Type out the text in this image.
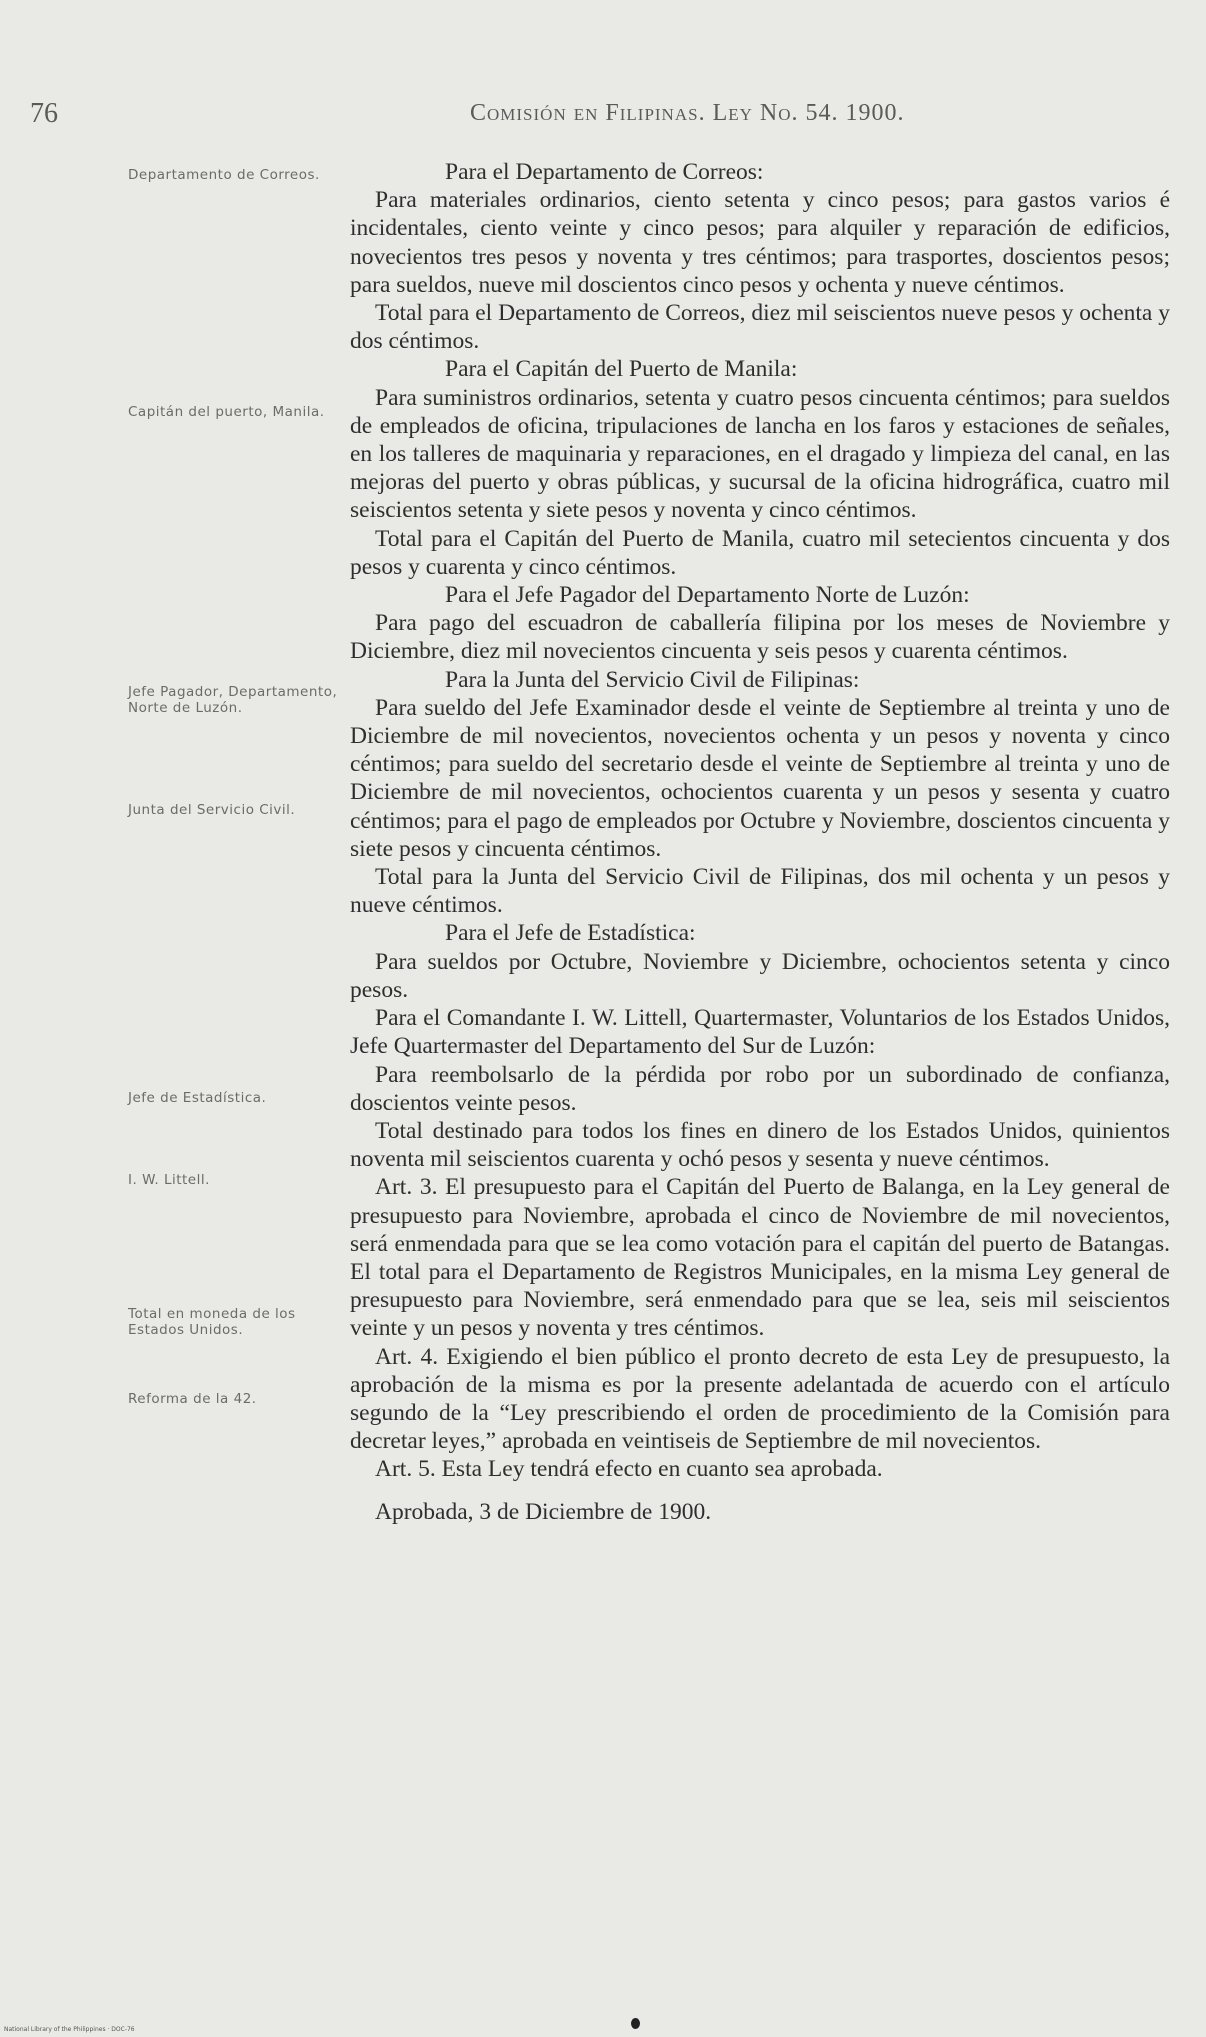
76	Comisión en Filipinas. Ley No. 54. 1900.
Departamento de Correos.
Capitán del puerto, Manila.
Jefe Pagador, Departamento, Norte de Luzón.
Junta del Servicio Civil.
Jefe de Estadística.
I. W. Littell.
Total en moneda de los Estados Unidos.
Reforma de la 42.

Para el Departamento de Correos:

Para materiales ordinarios, ciento setenta y cinco pesos; para gastos varios é incidentales, ciento veinte y cinco pesos; para alquiler y reparación de edificios, novecientos tres pesos y noventa y tres céntimos; para trasportes, doscientos pesos; para sueldos, nueve mil doscientos cinco pesos y ochenta y nueve céntimos.

Total para el Departamento de Correos, diez mil seiscientos nueve pesos y ochenta y dos céntimos.

Para el Capitán del Puerto de Manila:

Para suministros ordinarios, setenta y cuatro pesos cincuenta céntimos; para sueldos de empleados de oficina, tripulaciones de lancha en los faros y estaciones de señales, en los talleres de maquinaria y reparaciones, en el dragado y limpieza del canal, en las mejoras del puerto y obras públicas, y sucursal de la oficina hidrográfica, cuatro mil seiscientos setenta y siete pesos y noventa y cinco céntimos.

Total para el Capitán del Puerto de Manila, cuatro mil setecientos cincuenta y dos pesos y cuarenta y cinco céntimos.

Para el Jefe Pagador del Departamento Norte de Luzón:

Para pago del escuadron de caballería filipina por los meses de Noviembre y Diciembre, diez mil novecientos cincuenta y seis pesos y cuarenta céntimos.

Para la Junta del Servicio Civil de Filipinas:

Para sueldo del Jefe Examinador desde el veinte de Septiembre al treinta y uno de Diciembre de mil novecientos, novecientos ochenta y un pesos y noventa y cinco céntimos; para sueldo del secretario desde el veinte de Septiembre al treinta y uno de Diciembre de mil novecientos, ochocientos cuarenta y un pesos y sesenta y cuatro céntimos; para el pago de empleados por Octubre y Noviembre, doscientos cincuenta y siete pesos y cincuenta céntimos.

Total para la Junta del Servicio Civil de Filipinas, dos mil ochenta y un pesos y nueve céntimos.

Para el Jefe de Estadística:

Para sueldos por Octubre, Noviembre y Diciembre, ochocientos setenta y cinco pesos.

Para el Comandante I. W. Littell, Quartermaster, Voluntarios de los Estados Unidos, Jefe Quartermaster del Departamento del Sur de Luzón:

Para reembolsarlo de la pérdida por robo por un subordinado de confianza, doscientos veinte pesos.

Total destinado para todos los fines en dinero de los Estados Unidos, quinientos noventa mil seiscientos cuarenta y ochó pesos y sesenta y nueve céntimos.

Art. 3. El presupuesto para el Capitán del Puerto de Balanga, en la Ley general de presupuesto para Noviembre, aprobada el cinco de Noviembre de mil novecientos, será enmendada para que se lea como votación para el capitán del puerto de Batangas. El total para el Departamento de Registros Municipales, en la misma Ley general de presupuesto para Noviembre, será enmendado para que se lea, seis mil seiscientos veinte y un pesos y noventa y tres céntimos.

Art. 4. Exigiendo el bien público el pronto decreto de esta Ley de presupuesto, la aprobación de la misma es por la presente adelantada de acuerdo con el artículo segundo de la “Ley prescribiendo el orden de procedimiento de la Comisión para decretar leyes,” aprobada en veintiseis de Septiembre de mil novecientos.

Art. 5. Esta Ley tendrá efecto en cuanto sea aprobada.

Aprobada, 3 de Diciembre de 1900.

National Library of the Philippines · DOC-76
